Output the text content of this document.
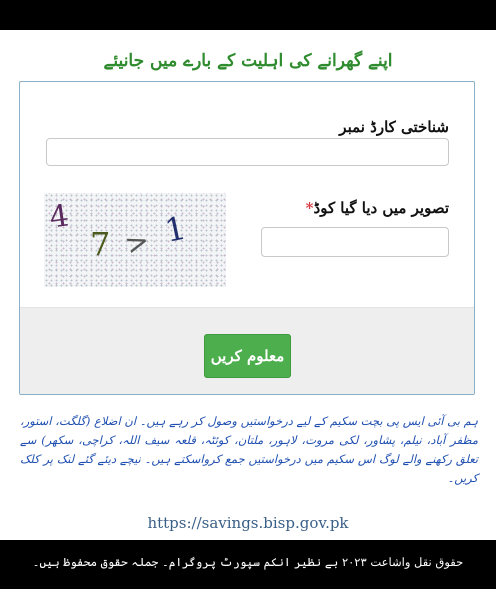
اپنے گھرانے کی اہلیت کے بارے میں جانیئے
شناختی کارڈ نمبر
تصویر میں دیا گیا کوڈ*
4
7 > 1
معلوم کریں
ہم بی آئی ایس پی بچت سکیم کے لیے درخواستیں وصول کر رہے ہیں۔ ان اضلاع (گلگت، استور، مظفر آباد، نیلم، پشاور، لکی مروت، لاہور، ملتان، کوئٹہ، قلعہ سیف اللہ، کراچی، سکھر) سے تعلق رکھنے والے لوگ اس سکیم میں درخواستیں جمع کرواسکتے ہیں۔ نیچے دیئے گئے لنک پر کلک کریں۔
https://savings.bisp.gov.pk
حقوق نقل واشاعت ۲۰۲۳ بے نظیر انکم سپورٹ پروگرام۔ جملہ حقوق محفوظ ہیں۔
